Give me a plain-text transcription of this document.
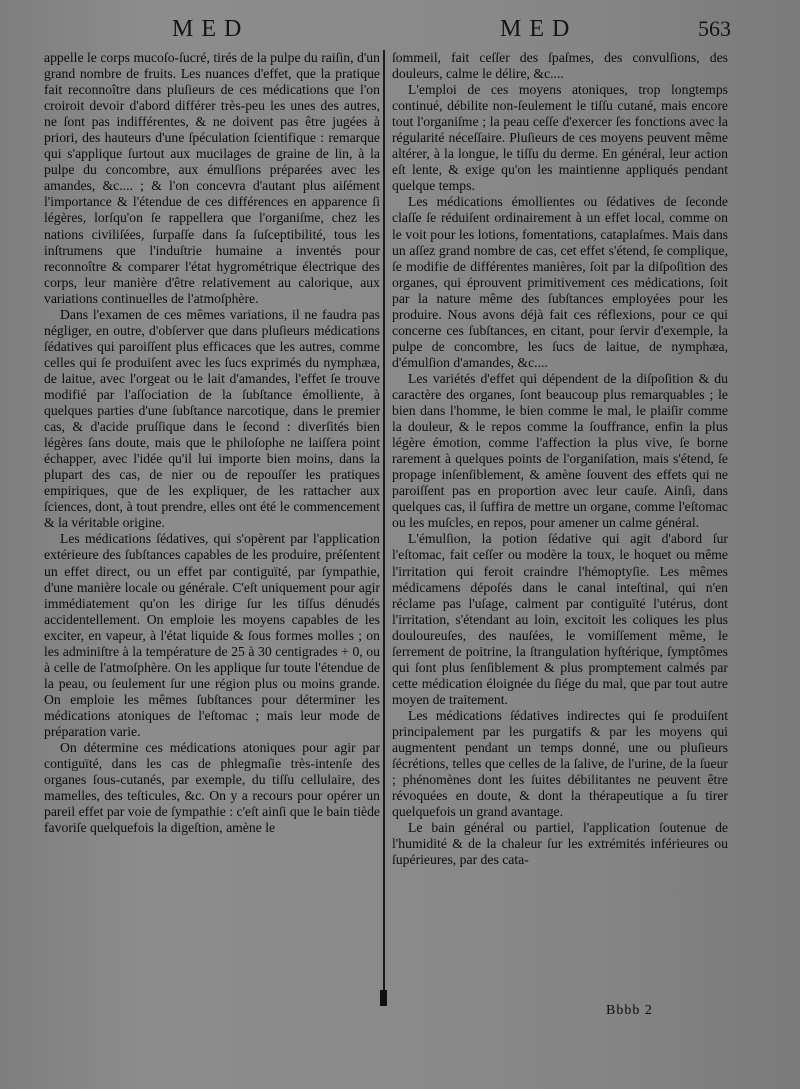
MED	MED	563

appelle le corps mucoſo-ſucré, tirés de la pulpe du raiſin, d'un grand nombre de fruits. Les nuances d'effet, que la pratique fait reconnoître dans pluſieurs de ces médications que l'on croiroit devoir d'abord différer très-peu les unes des autres, ne ſont pas indifférentes, & ne doivent pas être jugées à priori, des hauteurs d'une ſpéculation ſcientifique : remarque qui s'applique ſurtout aux mucilages de graine de lin, à la pulpe du concombre, aux émulſions préparées avec les amandes, &c.... ; & l'on concevra d'autant plus aiſément l'importance & l'étendue de ces différences en apparence ſi légères, lorſqu'on ſe rappellera que l'organiſme, chez les nations civiliſées, ſurpaſſe dans ſa ſuſceptibilité, tous les inſtrumens que l'induſtrie humaine a inventés pour reconnoître & comparer l'état hygrométrique électrique des corps, leur manière d'être relativement au calorique, aux variations continuelles de l'atmoſphère.

Dans l'examen de ces mêmes variations, il ne faudra pas négliger, en outre, d'obſerver que dans pluſieurs médications ſédatives qui paroiſſent plus efficaces que les autres, comme celles qui ſe produiſent avec les ſucs exprimés du nymphæa, de laitue, avec l'orgeat ou le lait d'amandes, l'effet ſe trouve modifié par l'aſſociation de la ſubſtance émolliente, à quelques parties d'une ſubſtance narcotique, dans le premier cas, & d'acide pruſſique dans le ſecond : diverſités bien légères ſans doute, mais que le philoſophe ne laiſſera point échapper, avec l'idée qu'il lui importe bien moins, dans la plupart des cas, de nier ou de repouſſer les pratiques empiriques, que de les expliquer, de les rattacher aux ſciences, dont, à tout prendre, elles ont été le commencement & la véritable origine.

Les médications ſédatives, qui s'opèrent par l'application extérieure des ſubſtances capables de les produire, préſentent un effet direct, ou un effet par contiguïté, par ſympathie, d'une manière locale ou générale. C'eſt uniquement pour agir immédiatement qu'on les dirige ſur les tiſſus dénudés accidentellement. On emploie les moyens capables de les exciter, en vapeur, à l'état liquide & ſous formes molles ; on les adminiſtre à la température de 25 à 30 centigrades + 0, ou à celle de l'atmoſphère. On les applique ſur toute l'étendue de la peau, ou ſeulement ſur une région plus ou moins grande. On emploie les mêmes ſubſtances pour déterminer les médications atoniques de l'eſtomac ; mais leur mode de préparation varie.

On détermine ces médications atoniques pour agir par contiguïté, dans les cas de phlegmaſie très-intenſe des organes ſous-cutanés, par exemple, du tiſſu cellulaire, des mamelles, des teſticules, &c. On y a recours pour opérer un pareil effet par voie de ſympathie : c'eſt ainſi que le bain tiède favoriſe quelquefois la digeſtion, amène le

ſommeil, fait ceſſer des ſpaſmes, des convulſions, des douleurs, calme le délire, &c....

L'emploi de ces moyens atoniques, trop longtemps continué, débilite non-ſeulement le tiſſu cutané, mais encore tout l'organiſme ; la peau ceſſe d'exercer ſes fonctions avec la régularité néceſſaire. Pluſieurs de ces moyens peuvent même altérer, à la longue, le tiſſu du derme. En général, leur action eſt lente, & exige qu'on les maintienne appliqués pendant quelque temps.

Les médications émollientes ou ſédatives de ſeconde claſſe ſe réduiſent ordinairement à un effet local, comme on le voit pour les lotions, fomentations, cataplaſmes. Mais dans un aſſez grand nombre de cas, cet effet s'étend, ſe complique, ſe modifie de différentes manières, ſoit par la diſpoſition des organes, qui éprouvent primitivement ces médications, ſoit par la nature même des ſubſtances employées pour les produire. Nous avons déjà fait ces réflexions, pour ce qui concerne ces ſubſtances, en citant, pour ſervir d'exemple, la pulpe de concombre, les ſucs de laitue, de nymphæa, d'émulſion d'amandes, &c....

Les variétés d'effet qui dépendent de la diſpoſition & du caractère des organes, ſont beaucoup plus remarquables ; le bien dans l'homme, le bien comme le mal, le plaiſir comme la douleur, & le repos comme la ſouffrance, enfin la plus légère émotion, comme l'affection la plus vive, ſe borne rarement à quelques points de l'organiſation, mais s'étend, ſe propage inſenſiblement, & amène ſouvent des effets qui ne paroiſſent pas en proportion avec leur cauſe. Ainſi, dans quelques cas, il ſuffira de mettre un organe, comme l'eſtomac ou les muſcles, en repos, pour amener un calme général.

L'émulſion, la potion ſédative qui agit d'abord ſur l'eſtomac, fait ceſſer ou modère la toux, le hoquet ou même l'irritation qui feroit craindre l'hémoptyſie. Les mêmes médicamens dépoſés dans le canal inteſtinal, qui n'en réclame pas l'uſage, calment par contiguïté l'utérus, dont l'irritation, s'étendant au loin, excitoit les coliques les plus douloureuſes, des nauſées, le vomiſſement même, le ſerrement de poitrine, la ſtrangulation hyſtérique, ſymptômes qui ſont plus ſenſiblement & plus promptement calmés par cette médication éloignée du ſiége du mal, que par tout autre moyen de traitement.

Les médications ſédatives indirectes qui ſe produiſent principalement par les purgatifs & par les moyens qui augmentent pendant un temps donné, une ou pluſieurs ſécrétions, telles que celles de la ſalive, de l'urine, de la ſueur ; phénomènes dont les ſuites débilitantes ne peuvent être révoquées en doute, & dont la thérapeutique a ſu tirer quelquefois un grand avantage.

Le bain général ou partiel, l'application ſoutenue de l'humidité & de la chaleur ſur les extrémités inférieures ou ſupérieures, par des cata-

Bbbb 2
